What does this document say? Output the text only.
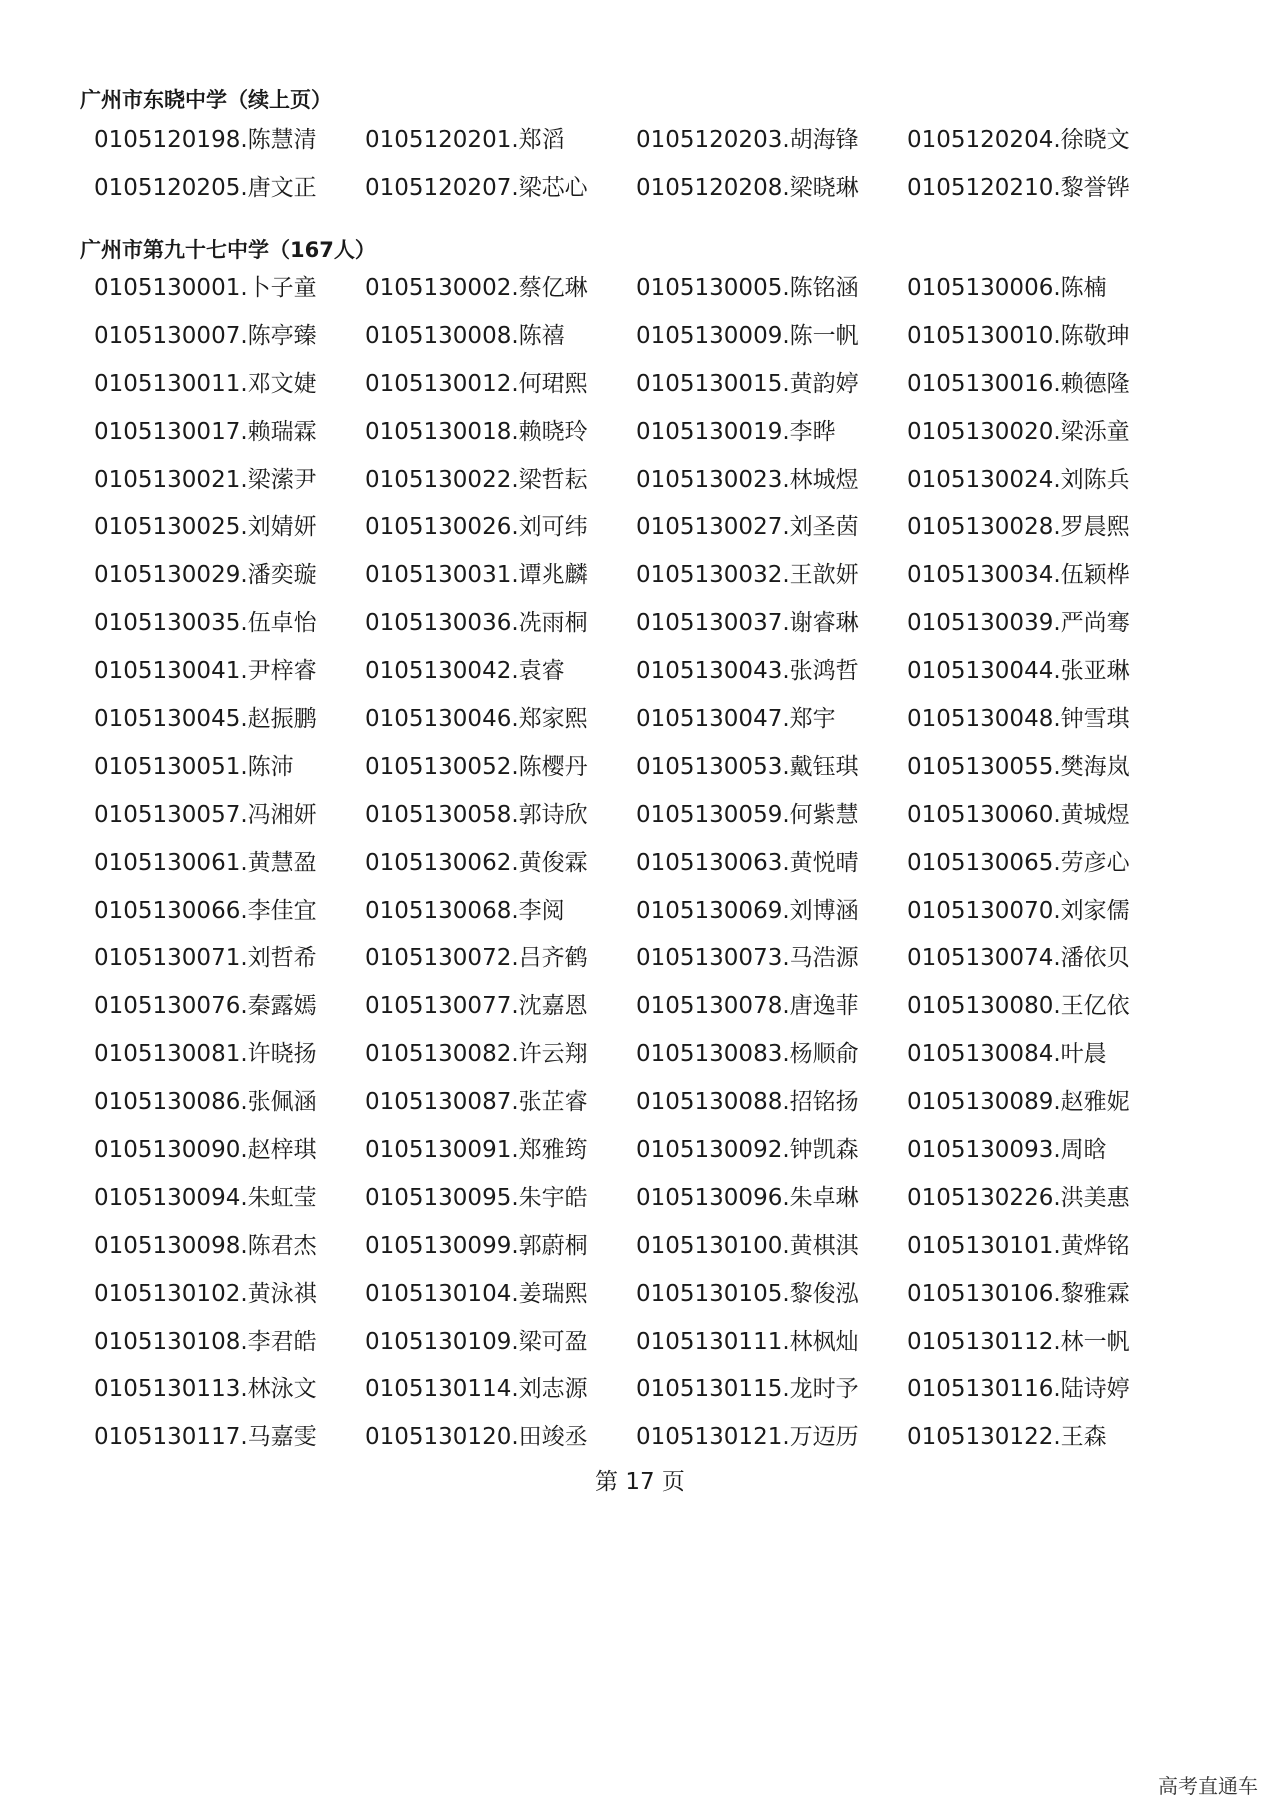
广州市东晓中学（续上页）
0105120198.陈慧清	0105120201.郑滔	0105120203.胡海锋	0105120204.徐晓文
0105120205.唐文正	0105120207.梁芯心	0105120208.梁晓琳	0105120210.黎誉铧
广州市第九十七中学（167人）
0105130001.卜子童	0105130002.蔡亿琳	0105130005.陈铭涵	0105130006.陈楠
0105130007.陈亭臻	0105130008.陈禧	0105130009.陈一帆	0105130010.陈敬珅
0105130011.邓文婕	0105130012.何珺熙	0105130015.黄韵婷	0105130016.赖德隆
0105130017.赖瑞霖	0105130018.赖晓玲	0105130019.李晔	0105130020.梁泺童
0105130021.梁潆尹	0105130022.梁哲耘	0105130023.林城煜	0105130024.刘陈兵
0105130025.刘婧妍	0105130026.刘可纬	0105130027.刘圣茵	0105130028.罗晨熙
0105130029.潘奕璇	0105130031.谭兆麟	0105130032.王歆妍	0105130034.伍颖桦
0105130035.伍卓怡	0105130036.冼雨桐	0105130037.谢睿琳	0105130039.严尚骞
0105130041.尹梓睿	0105130042.袁睿	0105130043.张鸿哲	0105130044.张亚琳
0105130045.赵振鹏	0105130046.郑家熙	0105130047.郑宇	0105130048.钟雪琪
0105130051.陈沛	0105130052.陈樱丹	0105130053.戴钰琪	0105130055.樊海岚
0105130057.冯湘妍	0105130058.郭诗欣	0105130059.何紫慧	0105130060.黄城煜
0105130061.黄慧盈	0105130062.黄俊霖	0105130063.黄悦晴	0105130065.劳彦心
0105130066.李佳宜	0105130068.李阅	0105130069.刘博涵	0105130070.刘家儒
0105130071.刘哲希	0105130072.吕齐鹤	0105130073.马浩源	0105130074.潘依贝
0105130076.秦露嫣	0105130077.沈嘉恩	0105130078.唐逸菲	0105130080.王亿依
0105130081.许晓扬	0105130082.许云翔	0105130083.杨顺俞	0105130084.叶晨
0105130086.张佩涵	0105130087.张芷睿	0105130088.招铭扬	0105130089.赵雅妮
0105130090.赵梓琪	0105130091.郑雅筠	0105130092.钟凯森	0105130093.周晗
0105130094.朱虹莹	0105130095.朱宇皓	0105130096.朱卓琳	0105130226.洪美惠
0105130098.陈君杰	0105130099.郭蔚桐	0105130100.黄棋淇	0105130101.黄烨铭
0105130102.黄泳祺	0105130104.姜瑞熙	0105130105.黎俊泓	0105130106.黎雅霖
0105130108.李君皓	0105130109.梁可盈	0105130111.林枫灿	0105130112.林一帆
0105130113.林泳文	0105130114.刘志源	0105130115.龙时予	0105130116.陆诗婷
0105130117.马嘉雯	0105130120.田竣丞	0105130121.万迈历	0105130122.王森
第 17 页
高考直通车
